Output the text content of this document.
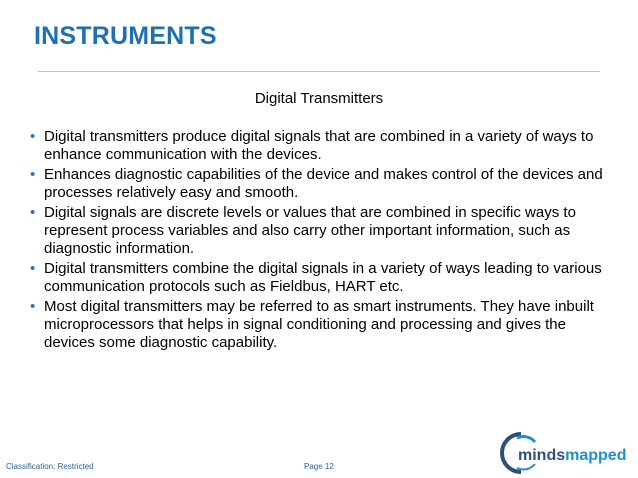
INSTRUMENTS
Digital Transmitters
• Digital transmitters produce digital signals that are combined in a variety of ways to enhance communication with the devices.
• Enhances diagnostic capabilities of the device and makes control of the devices and processes relatively easy and smooth.
• Digital signals are discrete levels or values that are combined in specific ways to represent process variables and also carry other important information, such as diagnostic information.
• Digital transmitters combine the digital signals in a variety of ways leading to various communication protocols such as Fieldbus, HART etc.
• Most digital transmitters may be referred to as smart instruments. They have inbuilt microprocessors that helps in signal conditioning and processing and gives the devices some diagnostic capability.
Classification: Restricted	Page 12
mindsmapped
